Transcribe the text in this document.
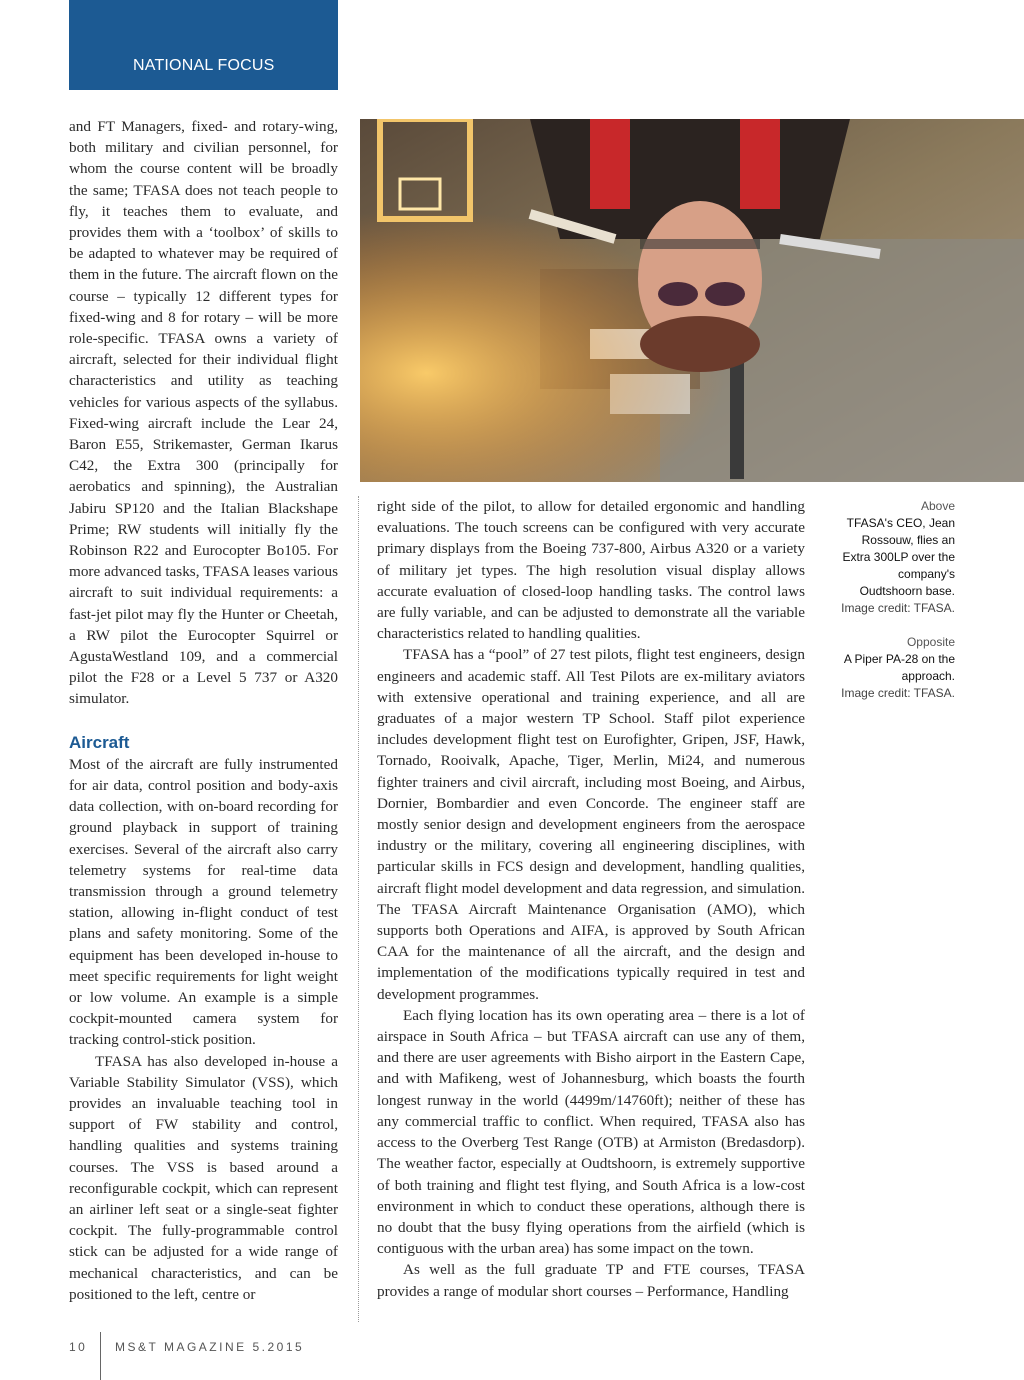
NATIONAL FOCUS

and FT Managers, fixed- and rotary-wing, both military and civilian personnel, for whom the course content will be broadly the same; TFASA does not teach people to fly, it teaches them to evaluate, and provides them with a ‘toolbox’ of skills to be adapted to whatever may be required of them in the future. The aircraft flown on the course – typically 12 different types for fixed-wing and 8 for rotary – will be more role-specific. TFASA owns a variety of aircraft, selected for their individual flight characteristics and utility as teaching vehicles for various aspects of the syllabus. Fixed-wing aircraft include the Lear 24, Baron E55, Strikemaster, German Ikarus C42, the Extra 300 (principally for aerobatics and spinning), the Australian Jabiru SP120 and the Italian Blackshape Prime; RW students will initially fly the Robinson R22 and Eurocopter Bo105. For more advanced tasks, TFASA leases various aircraft to suit individual requirements: a fast-jet pilot may fly the Hunter or Cheetah, a RW pilot the Eurocopter Squirrel or AgustaWestland 109, and a commercial pilot the F28 or a Level 5 737 or A320 simulator.

Aircraft

Most of the aircraft are fully instrumented for air data, control position and body-axis data collection, with on-board recording for ground playback in support of training exercises. Several of the aircraft also carry telemetry systems for real-time data transmission through a ground telemetry station, allowing in-flight conduct of test plans and safety monitoring. Some of the equipment has been developed in-house to meet specific requirements for light weight or low volume. An example is a simple cockpit-mounted camera system for tracking control-stick position.

TFASA has also developed in-house a Variable Stability Simulator (VSS), which provides an invaluable teaching tool in support of FW stability and control, handling qualities and systems training courses. The VSS is based around a reconfigurable cockpit, which can represent an airliner left seat or a single-seat fighter cockpit. The fully-programmable control stick can be adjusted for a wide range of mechanical characteristics, and can be positioned to the left, centre or

right side of the pilot, to allow for detailed ergonomic and handling evaluations. The touch screens can be configured with very accurate primary displays from the Boeing 737-800, Airbus A320 or a variety of military jet types. The high resolution visual display allows accurate evaluation of closed-loop handling tasks. The control laws are fully variable, and can be adjusted to demonstrate all the variable characteristics related to handling qualities.

TFASA has a “pool” of 27 test pilots, flight test engineers, design engineers and academic staff. All Test Pilots are ex-military aviators with extensive operational and training experience, and all are graduates of a major western TP School. Staff pilot experience includes development flight test on Eurofighter, Gripen, JSF, Hawk, Tornado, Rooivalk, Apache, Tiger, Merlin, Mi24, and numerous fighter trainers and civil aircraft, including most Boeing, and Airbus, Dornier, Bombardier and even Concorde. The engineer staff are mostly senior design and development engineers from the aerospace industry or the military, covering all engineering disciplines, with particular skills in FCS design and development, handling qualities, aircraft flight model development and data regression, and simulation. The TFASA Aircraft Maintenance Organisation (AMO), which supports both Operations and AIFA, is approved by South African CAA for the maintenance of all the aircraft, and the design and implementation of the modifications typically required in test and development programmes.

Each flying location has its own operating area – there is a lot of airspace in South Africa – but TFASA aircraft can use any of them, and there are user agreements with Bisho airport in the Eastern Cape, and with Mafikeng, west of Johannesburg, which boasts the fourth longest runway in the world (4499m/14760ft); neither of these has any commercial traffic to conflict. When required, TFASA also has access to the Overberg Test Range (OTB) at Armiston (Bredasdorp). The weather factor, especially at Oudtshoorn, is extremely supportive of both training and flight test flying, and South Africa is a low-cost environment in which to conduct these operations, although there is no doubt that the busy flying operations from the airfield (which is contiguous with the urban area) has some impact on the town.

As well as the full graduate TP and FTE courses, TFASA provides a range of modular short courses – Performance, Handling

Above
TFASA's CEO, Jean Rossouw, flies an Extra 300LP over the company's Oudtshoorn base.
Image credit: TFASA.
Opposite
A Piper PA-28 on the approach.
Image credit: TFASA.
10 MS&T MAGAZINE 5.2015
